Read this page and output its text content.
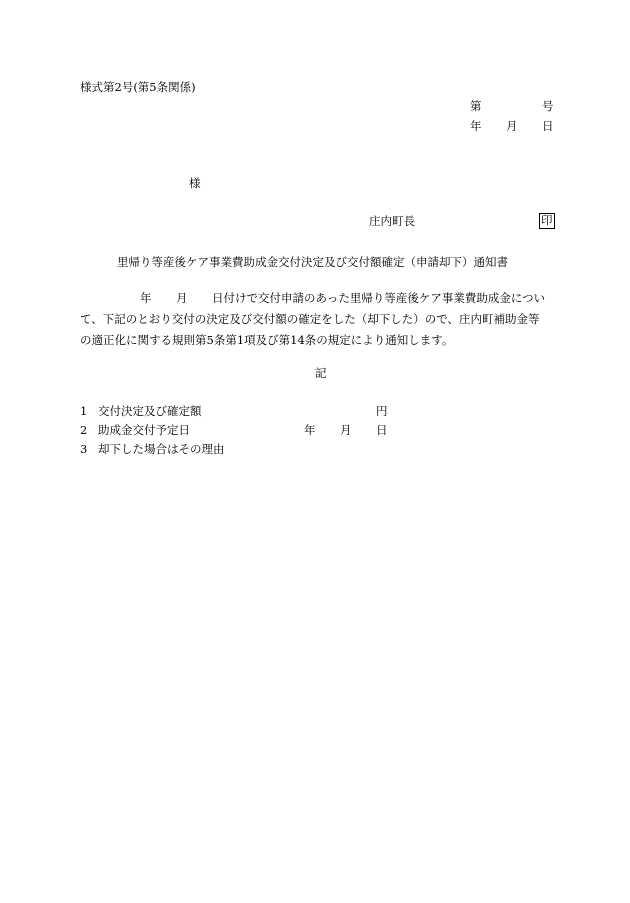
様式第2号(第5条関係)
第	号
年 月 日
様
庄内町長	印
里帰り等産後ケア事業費助成金交付決定及び交付額確定（申請却下）通知書
年 月 日付けで交付申請のあった里帰り等産後ケア事業費助成金につい
て、下記のとおり交付の決定及び交付額の確定をした（却下した）ので、庄内町補助金等
の適正化に関する規則第5条第1項及び第14条の規定により通知します。
記
1 交付決定及び確定額	円
2 助成金交付予定日	年 月 日
3 却下した場合はその理由
